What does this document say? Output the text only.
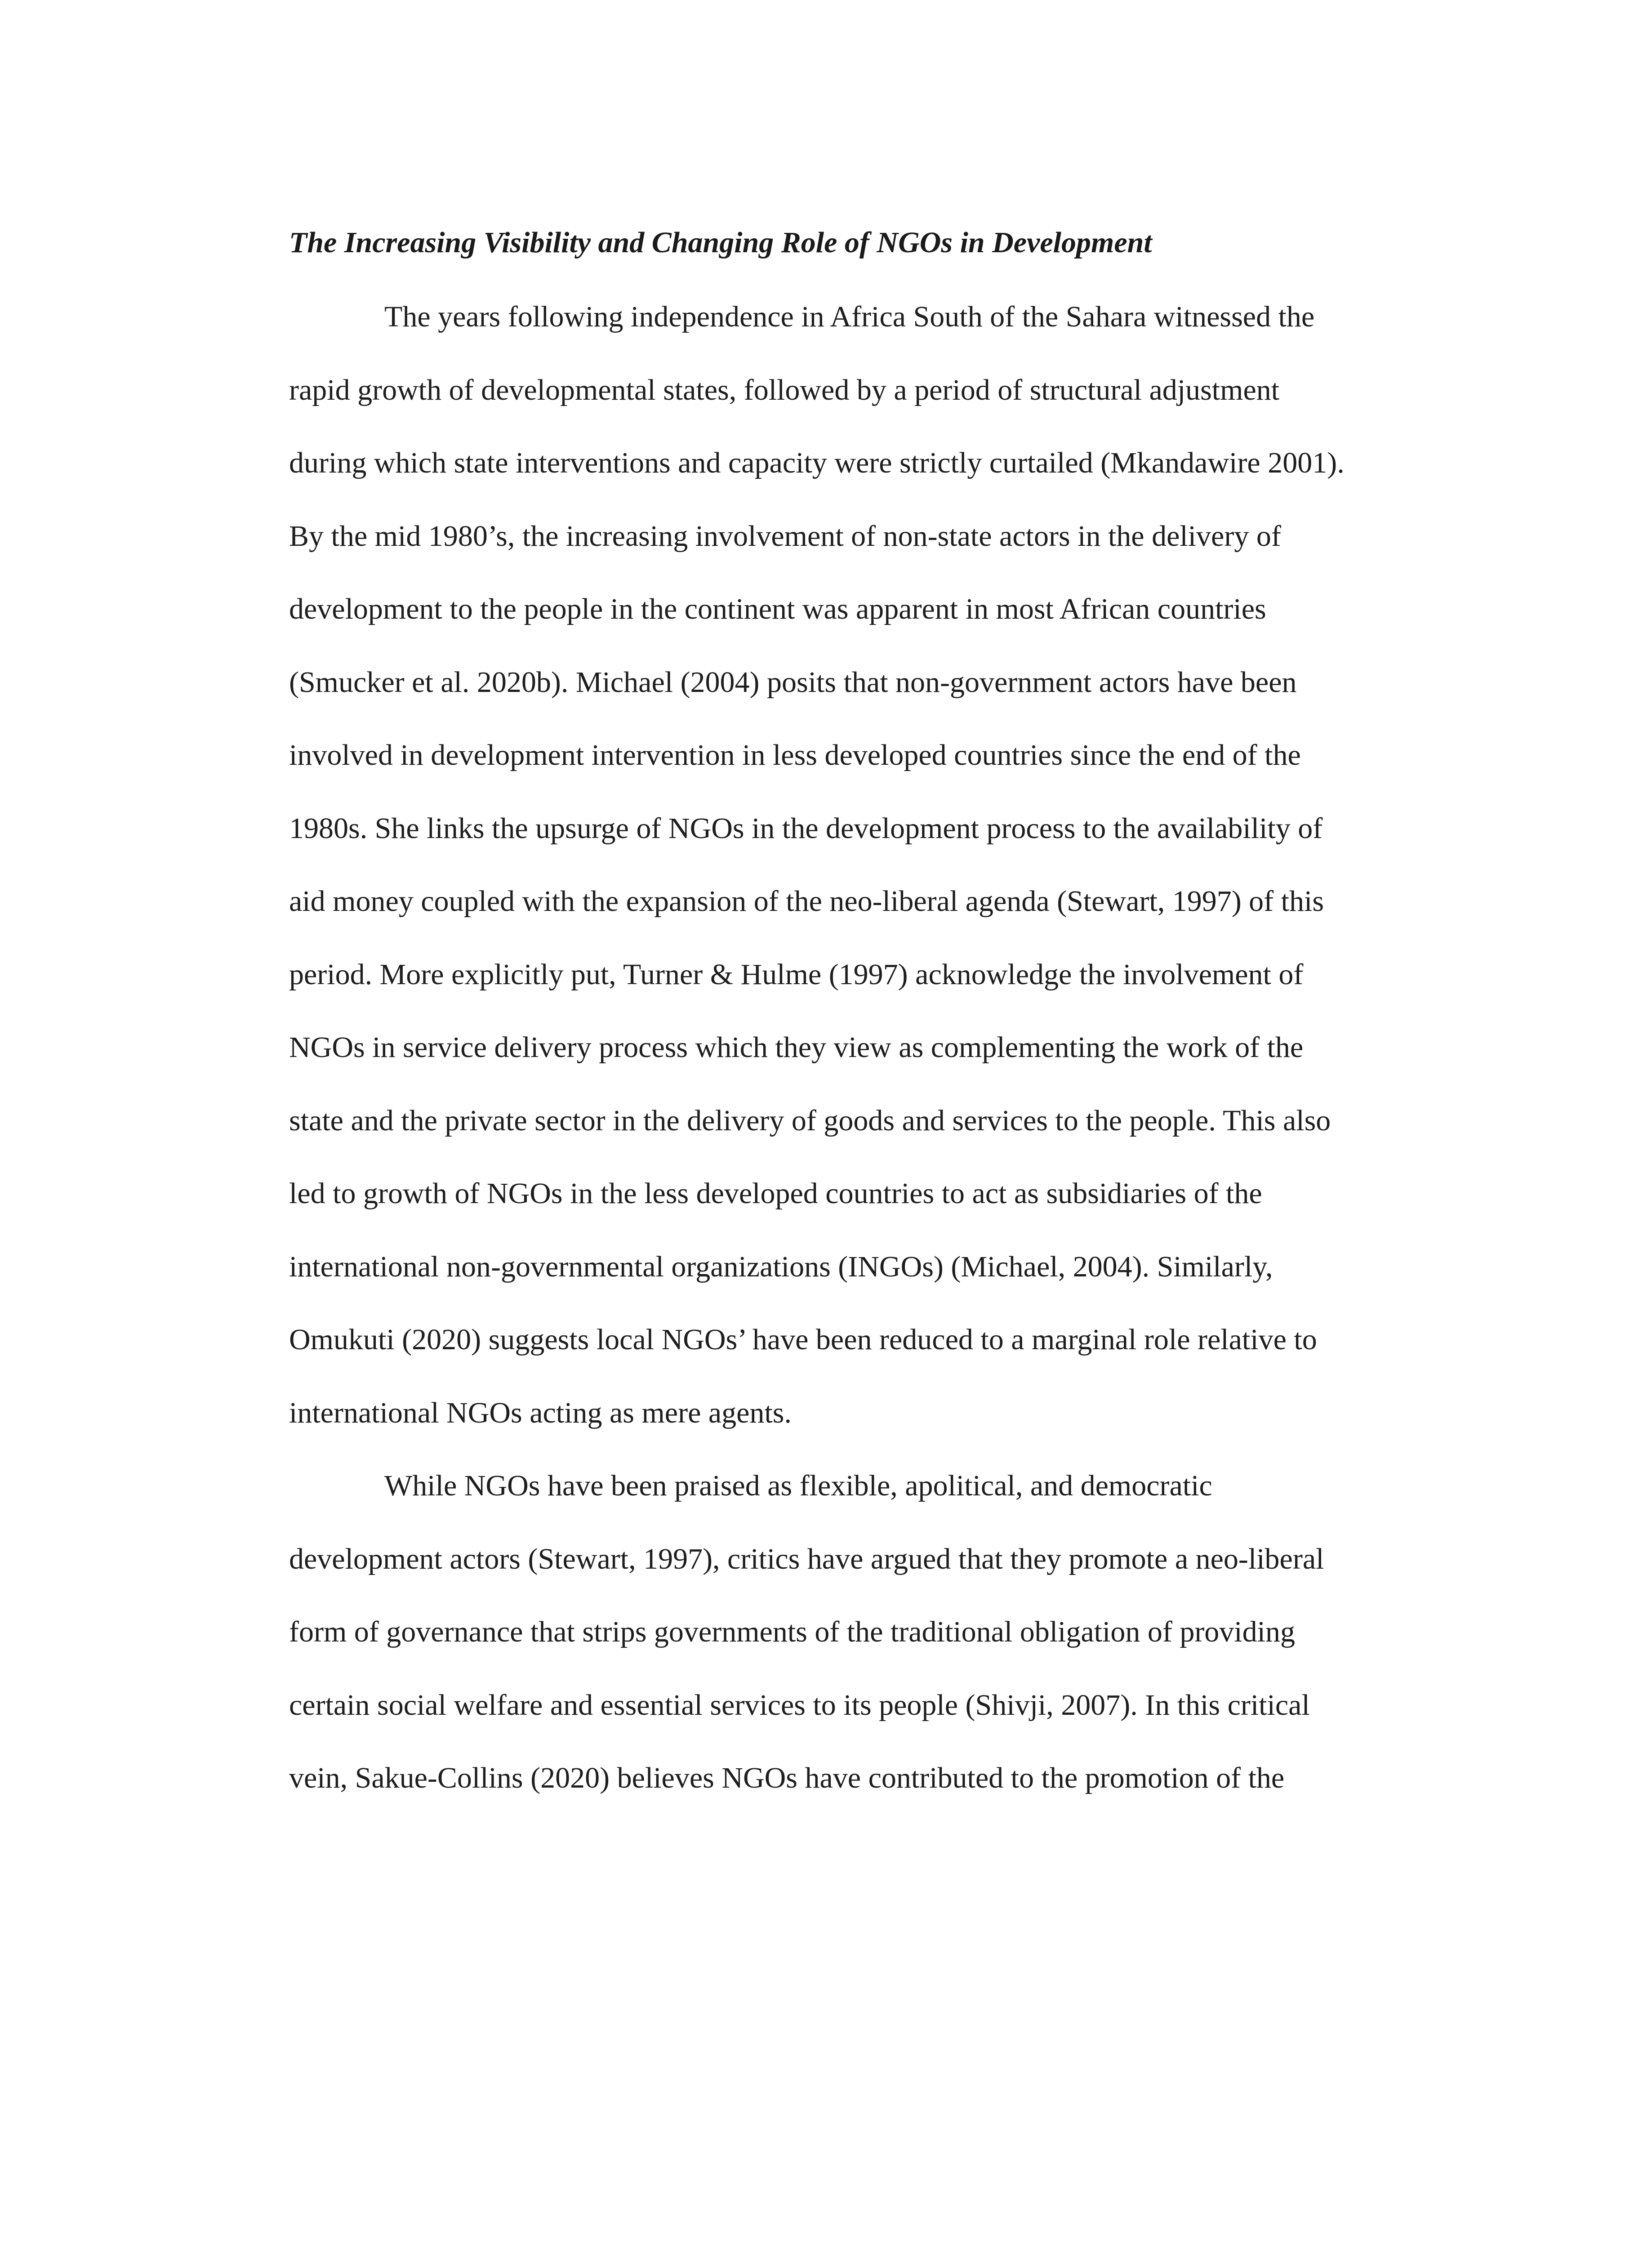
The Increasing Visibility and Changing Role of NGOs in Development

The years following independence in Africa South of the Sahara witnessed the

rapid growth of developmental states, followed by a period of structural adjustment

during which state interventions and capacity were strictly curtailed (Mkandawire 2001).

By the mid 1980’s, the increasing involvement of non-state actors in the delivery of

development to the people in the continent was apparent in most African countries

(Smucker et al. 2020b). Michael (2004) posits that non-government actors have been

involved in development intervention in less developed countries since the end of the

1980s. She links the upsurge of NGOs in the development process to the availability of

aid money coupled with the expansion of the neo-liberal agenda (Stewart, 1997) of this

period. More explicitly put, Turner & Hulme (1997) acknowledge the involvement of

NGOs in service delivery process which they view as complementing the work of the

state and the private sector in the delivery of goods and services to the people. This also

led to growth of NGOs in the less developed countries to act as subsidiaries of the

international non-governmental organizations (INGOs) (Michael, 2004). Similarly,

Omukuti (2020) suggests local NGOs’ have been reduced to a marginal role relative to

international NGOs acting as mere agents.

While NGOs have been praised as flexible, apolitical, and democratic

development actors (Stewart, 1997), critics have argued that they promote a neo-liberal

form of governance that strips governments of the traditional obligation of providing

certain social welfare and essential services to its people (Shivji, 2007). In this critical

vein, Sakue-Collins (2020) believes NGOs have contributed to the promotion of the
